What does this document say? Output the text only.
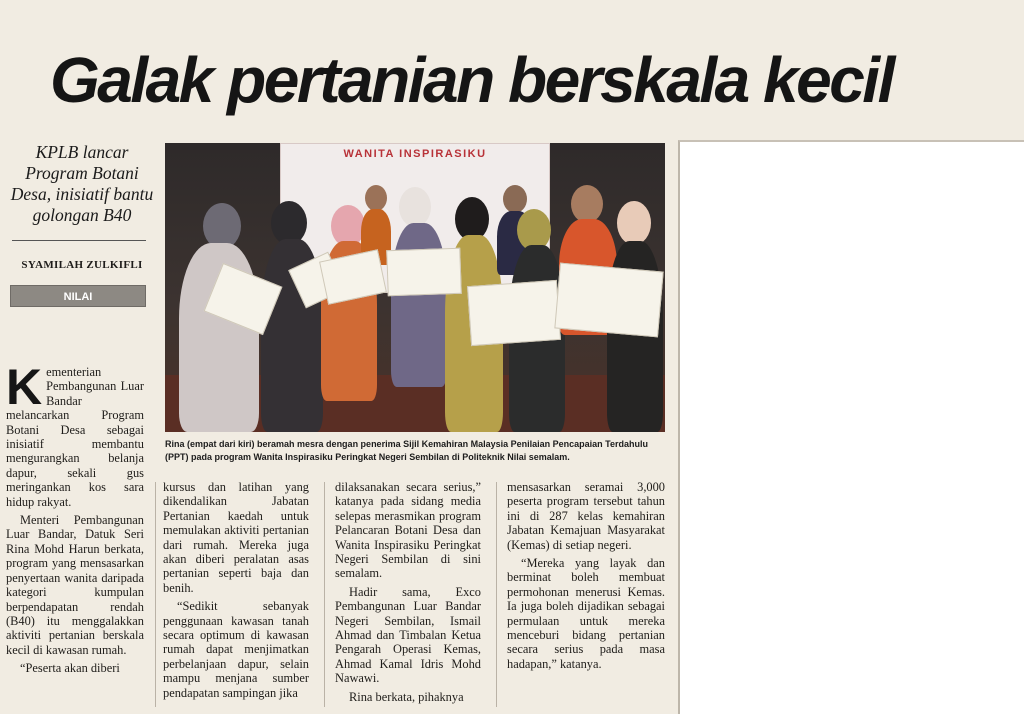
Galak pertanian berskala kecil
KPLB lancar Program Botani Desa, inisiatif bantu golongan B40
SYAMILAH ZULKIFLI
NILAI
WANITA INSPIRASIKU
Rina (empat dari kiri) beramah mesra dengan penerima Sijil Kemahiran Malaysia Penilaian Pencapaian Terdahulu (PPT) pada program Wanita Inspirasiku Peringkat Negeri Sembilan di Politeknik Nilai semalam.

Kementerian Pembangunan Luar Bandar melancarkan Program Botani Desa sebagai inisiatif membantu mengurangkan belanja dapur, sekali gus meringankan kos sara hidup rakyat.

Menteri Pembangunan Luar Bandar, Datuk Seri Rina Mohd Harun berkata, program yang mensasarkan penyertaan wanita daripada kategori kumpulan berpendapatan rendah (B40) itu menggalakkan aktiviti pertanian berskala kecil di kawasan rumah.

“Peserta akan diberi

kursus dan latihan yang dikendalikan Jabatan Pertanian kaedah untuk memulakan aktiviti pertanian dari rumah. Mereka juga akan diberi peralatan asas pertanian seperti baja dan benih.

“Sedikit sebanyak penggunaan kawasan tanah secara optimum di kawasan rumah dapat menjimatkan perbelanjaan dapur, selain mampu menjana sumber pendapatan sampingan jika

dilaksanakan secara serius,” katanya pada sidang media selepas merasmikan program Pelancaran Botani Desa dan Wanita Inspirasiku Peringkat Negeri Sembilan di sini semalam.

Hadir sama, Exco Pembangunan Luar Bandar Negeri Sembilan, Ismail Ahmad dan Timbalan Ketua Pengarah Operasi Kemas, Ahmad Kamal Idris Mohd Nawawi.

Rina berkata, pihaknya

mensasarkan seramai 3,000 peserta program tersebut tahun ini di 287 kelas kemahiran Jabatan Kemajuan Masyarakat (Kemas) di setiap negeri.

“Mereka yang layak dan berminat boleh membuat permohonan menerusi Kemas. Ia juga boleh dijadikan sebagai permulaan untuk mereka menceburi bidang pertanian secara serius pada masa hadapan,” katanya.
